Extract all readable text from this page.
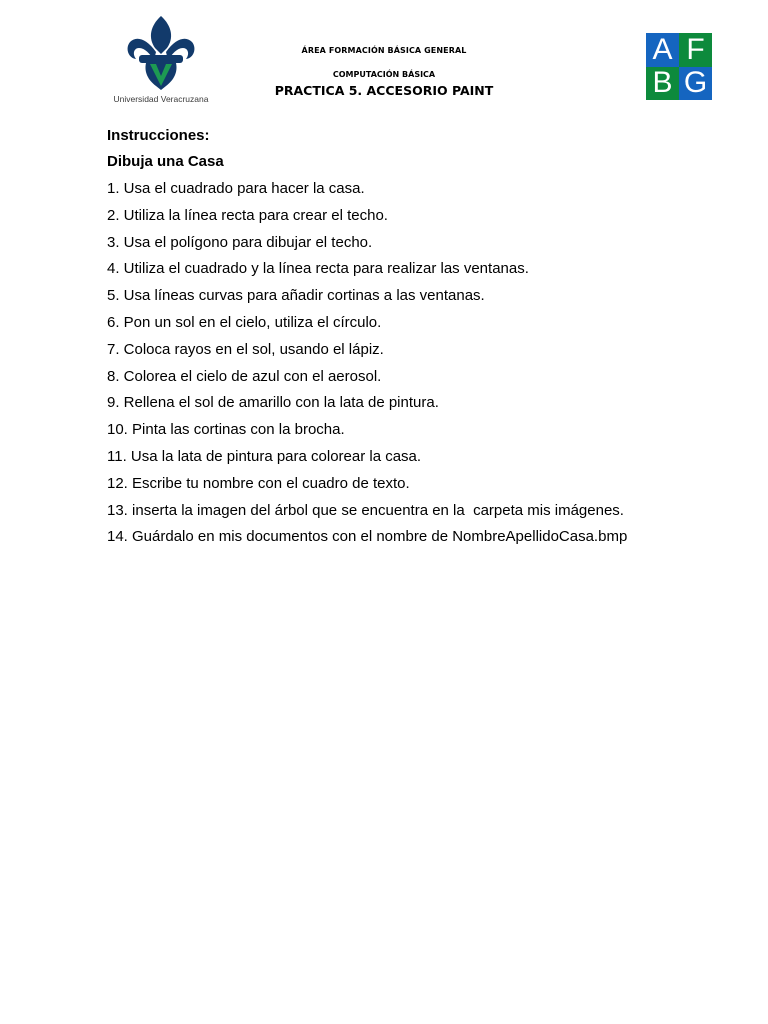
Universidad Veracruzana
ÁREA FORMACIÓN BÁSICA GENERAL
COMPUTACIÓN BÁSICA
PRACTICA 5. ACCESORIO PAINT
A F
B G
Instrucciones:
Dibuja una Casa
1. Usa el cuadrado para hacer la casa.
2. Utiliza la línea recta para crear el techo.
3. Usa el polígono para dibujar el techo.
4. Utiliza el cuadrado y la línea recta para realizar las ventanas.
5. Usa líneas curvas para añadir cortinas a las ventanas.
6. Pon un sol en el cielo, utiliza el círculo.
7. Coloca rayos en el sol, usando el lápiz.
8. Colorea el cielo de azul con el aerosol.
9. Rellena el sol de amarillo con la lata de pintura.
10. Pinta las cortinas con la brocha.
11. Usa la lata de pintura para colorear la casa.
12. Escribe tu nombre con el cuadro de texto.
13. inserta la imagen del árbol que se encuentra en la  carpeta mis imágenes.
14. Guárdalo en mis documentos con el nombre de NombreApellidoCasa.bmp
